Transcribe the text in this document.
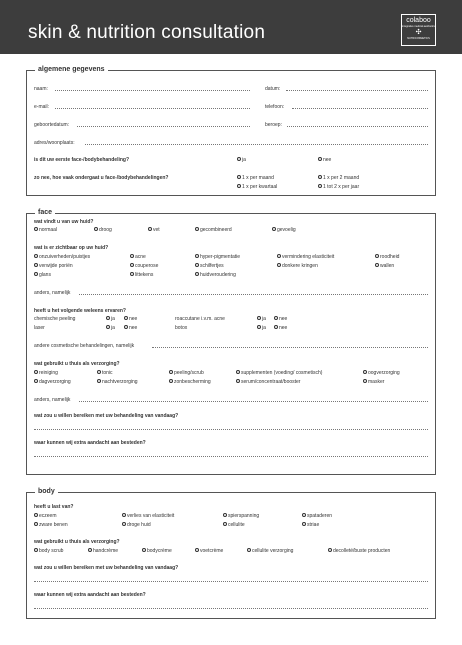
skin & nutrition consultation
colaboo
integrative medical aesthetics
✣
NUTRICOSMETICS
algemene gegevens
naam:	datum:
e-mail:	telefoon:
geboortedatum:	beroep:
adres/woonplaats:
is dit uw eerste face-/bodybehandeling?	ja	nee
zo nee, hoe vaak ondergaat u face-/bodybehandelingen?	1 x per maand	1 x per 2 maand
1 x per kwartaal	1 tot 2 x per jaar
face
wat vindt u van uw huid?
normaal	droog	vet	gecombineerd	gevoelig
wat is er zichtbaar op uw huid?
onzuiverheden/puistjes	acne	hyper-pigmentatie	vermindering elasticiteit	roodheid
verwijde poriën	couperose	schilfertjes	donkere kringen	wallen
glans	littekens	huidveroudering
anders, namelijk
heeft u het volgende weleens ervaren?
chemische peeling	ja	nee	roaccutane i.v.m. acne	ja	nee
laser	ja	nee	botox	ja	nee
andere cosmetische behandelingen, namelijk
wat gebruikt u thuis als verzorging?
reiniging	tonic	peeling/scrub	supplementen (voeding/ cosmetisch)	oogverzorging
dagverzorging	nachtverzorging	zonbescherming	serum/concentraat/booster	masker
anders, namelijk
wat zou u willen bereiken met uw behandeling van vandaag?
waar kunnen wij extra aandacht aan besteden?
body
heeft u last van?
eczeem	verlies van elasticiteit	spierspanning	spataderen
zware benen	droge huid	cellulite	striae
wat gebruikt u thuis als verzorging?
body scrub	handcrème	bodycrème	voetcrème	cellulite verzorging	decolleté/buste producten
wat zou u willen bereiken met uw behandeling van vandaag?
waar kunnen wij extra aandacht aan besteden?
